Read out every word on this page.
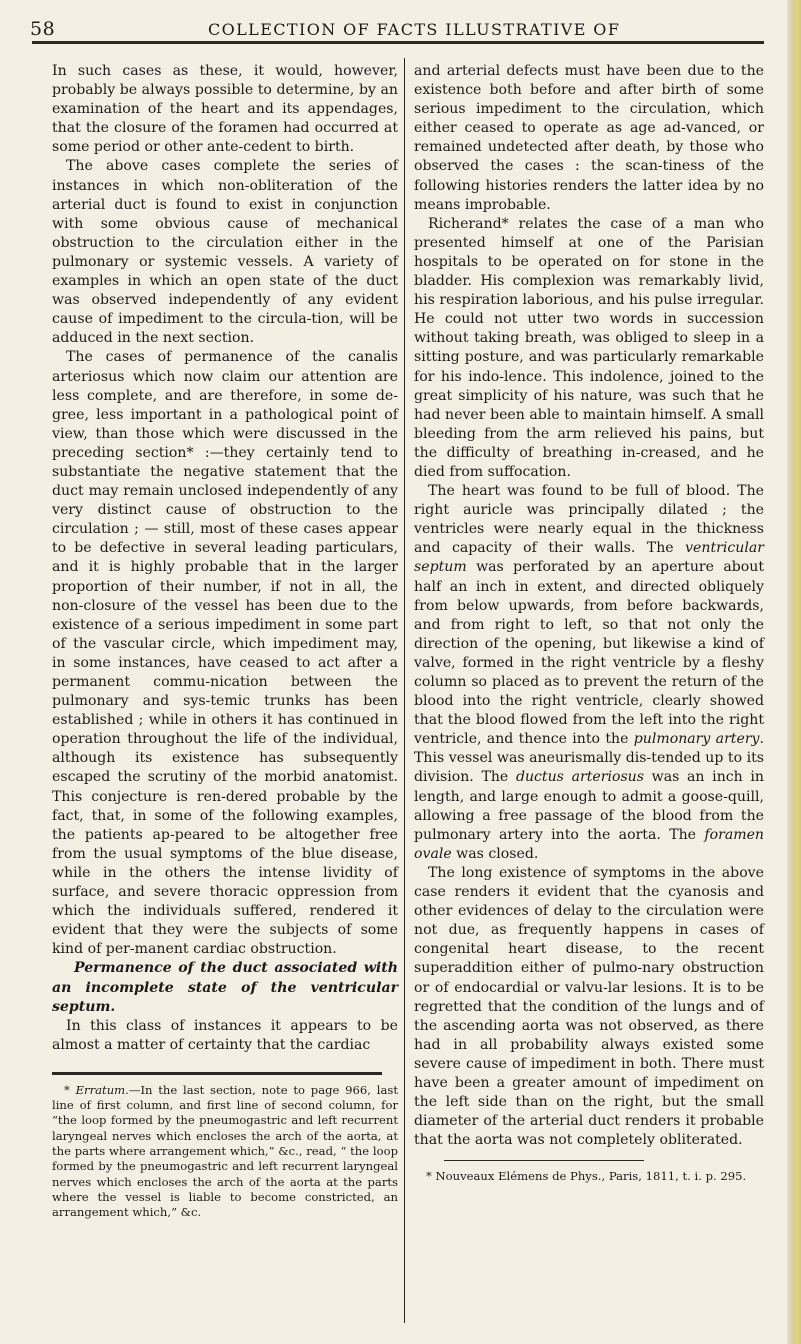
58	COLLECTION OF FACTS ILLUSTRATIVE OF

In such cases as these, it would, however, probably be always possible to determine, by an examination of the heart and its appendages, that the closure of the foramen had occurred at some period or other ante-cedent to birth.

The above cases complete the series of instances in which non-obliteration of the arterial duct is found to exist in conjunction with some obvious cause of mechanical obstruction to the circulation either in the pulmonary or systemic vessels. A variety of examples in which an open state of the duct was observed independently of any evident cause of impediment to the circula-tion, will be adduced in the next section.

The cases of permanence of the canalis arteriosus which now claim our attention are less complete, and are therefore, in some de-gree, less important in a pathological point of view, than those which were discussed in the preceding section* :—they certainly tend to substantiate the negative statement that the duct may remain unclosed independently of any very distinct cause of obstruction to the circulation ; — still, most of these cases appear to be defective in several leading particulars, and it is highly probable that in the larger proportion of their number, if not in all, the non-closure of the vessel has been due to the existence of a serious impediment in some part of the vascular circle, which impediment may, in some instances, have ceased to act after a permanent commu-nication between the pulmonary and sys-temic trunks has been established ; while in others it has continued in operation throughout the life of the individual, although its existence has subsequently escaped the scrutiny of the morbid anatomist. This conjecture is ren-dered probable by the fact, that, in some of the following examples, the patients ap-peared to be altogether free from the usual symptoms of the blue disease, while in the others the intense lividity of surface, and severe thoracic oppression from which the individuals suffered, rendered it evident that they were the subjects of some kind of per-manent cardiac obstruction.

Permanence of the duct associated with an incomplete state of the ventricular septum.

In this class of instances it appears to be almost a matter of certainty that the cardiac

* Erratum.—In the last section, note to page 966, last line of first column, and first line of second column, for “the loop formed by the pneumogastric and left recurrent laryngeal nerves which encloses the arch of the aorta, at the parts where arrangement which,” &c., read, “ the loop formed by the pneumogastric and left recurrent laryngeal nerves which encloses the arch of the aorta at the parts where the vessel is liable to become constricted, an arrangement which,” &c.

and arterial defects must have been due to the existence both before and after birth of some serious impediment to the circulation, which either ceased to operate as age ad-vanced, or remained undetected after death, by those who observed the cases : the scan-tiness of the following histories renders the latter idea by no means improbable.

Richerand* relates the case of a man who presented himself at one of the Parisian hospitals to be operated on for stone in the bladder. His complexion was remarkably livid, his respiration laborious, and his pulse irregular. He could not utter two words in succession without taking breath, was obliged to sleep in a sitting posture, and was particularly remarkable for his indo-lence. This indolence, joined to the great simplicity of his nature, was such that he had never been able to maintain himself. A small bleeding from the arm relieved his pains, but the difficulty of breathing in-creased, and he died from suffocation.

The heart was found to be full of blood. The right auricle was principally dilated ; the ventricles were nearly equal in the thickness and capacity of their walls. The ventricular septum was perforated by an aperture about half an inch in extent, and directed obliquely from below upwards, from before backwards, and from right to left, so that not only the direction of the opening, but likewise a kind of valve, formed in the right ventricle by a fleshy column so placed as to prevent the return of the blood into the right ventricle, clearly showed that the blood flowed from the left into the right ventricle, and thence into the pulmonary artery. This vessel was aneurismally dis-tended up to its division. The ductus arteriosus was an inch in length, and large enough to admit a goose-quill, allowing a free passage of the blood from the pulmonary artery into the aorta. The foramen ovale was closed.

The long existence of symptoms in the above case renders it evident that the cyanosis and other evidences of delay to the circulation were not due, as frequently happens in cases of congenital heart disease, to the recent superaddition either of pulmo-nary obstruction or of endocardial or valvu-lar lesions. It is to be regretted that the condition of the lungs and of the ascending aorta was not observed, as there had in all probability always existed some severe cause of impediment in both. There must have been a greater amount of impediment on the left side than on the right, but the small diameter of the arterial duct renders it probable that the aorta was not completely obliterated.

* Nouveaux Elémens de Phys., Paris, 1811, t. i. p. 295.
